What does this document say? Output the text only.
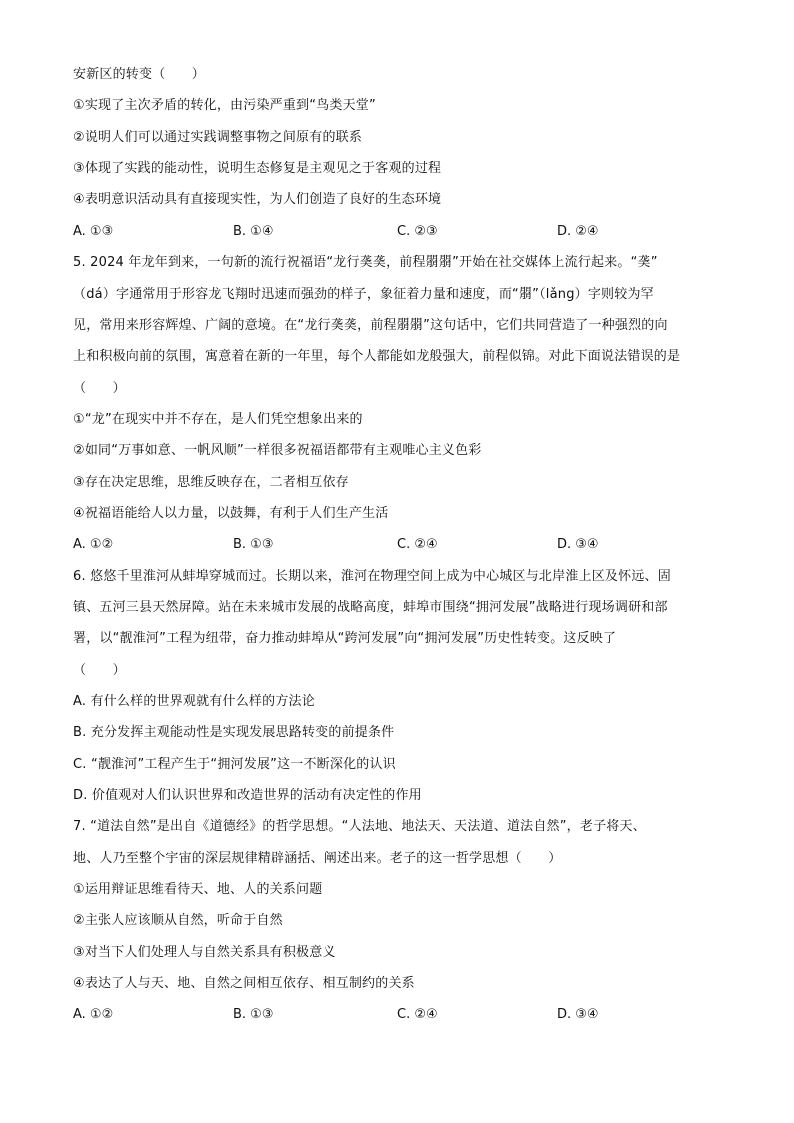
安新区的转变（　　）
①实现了主次矛盾的转化，由污染严重到“鸟类天堂”
②说明人们可以通过实践调整事物之间原有的联系
③体现了实践的能动性，说明生态修复是主观见之于客观的过程
④表明意识活动具有直接现实性，为人们创造了良好的生态环境
A. ①③	B. ①④	C. ②③	D. ②④
5. 2024 年龙年到来，一句新的流行祝福语“龙行䶮䶮，前程朤朤”开始在社交媒体上流行起来。“䶮”
（dá）字通常用于形容龙飞翔时迅速而强劲的样子，象征着力量和速度，而“朤”（lǎng）字则较为罕
见，常用来形容辉煌、广阔的意境。在“龙行䶮䶮，前程朤朤”这句话中，它们共同营造了一种强烈的向
上和积极向前的氛围，寓意着在新的一年里，每个人都能如龙般强大，前程似锦。对此下面说法错误的是
（　　）
①“龙”在现实中并不存在，是人们凭空想象出来的
②如同“万事如意、一帆风顺”一样很多祝福语都带有主观唯心主义色彩
③存在决定思维，思维反映存在，二者相互依存
④祝福语能给人以力量，以鼓舞，有利于人们生产生活
A. ①②	B. ①③	C. ②④	D. ③④
6. 悠悠千里淮河从蚌埠穿城而过。长期以来，淮河在物理空间上成为中心城区与北岸淮上区及怀远、固
镇、五河三县天然屏障。站在未来城市发展的战略高度，蚌埠市围绕“拥河发展”战略进行现场调研和部
署，以“靓淮河”工程为纽带，奋力推动蚌埠从“跨河发展”向“拥河发展”历史性转变。这反映了
（　　）
A. 有什么样的世界观就有什么样的方法论
B. 充分发挥主观能动性是实现发展思路转变的前提条件
C. “靓淮河”工程产生于“拥河发展”这一不断深化的认识
D. 价值观对人们认识世界和改造世界的活动有决定性的作用
7. “道法自然”是出自《道德经》的哲学思想。“人法地、地法天、天法道、道法自然”，老子将天、
地、人乃至整个宇宙的深层规律精辟涵括、阐述出来。老子的这一哲学思想（　　）
①运用辩证思维看待天、地、人的关系问题
②主张人应该顺从自然，听命于自然
③对当下人们处理人与自然关系具有积极意义
④表达了人与天、地、自然之间相互依存、相互制约的关系
A. ①②	B. ①③	C. ②④	D. ③④
